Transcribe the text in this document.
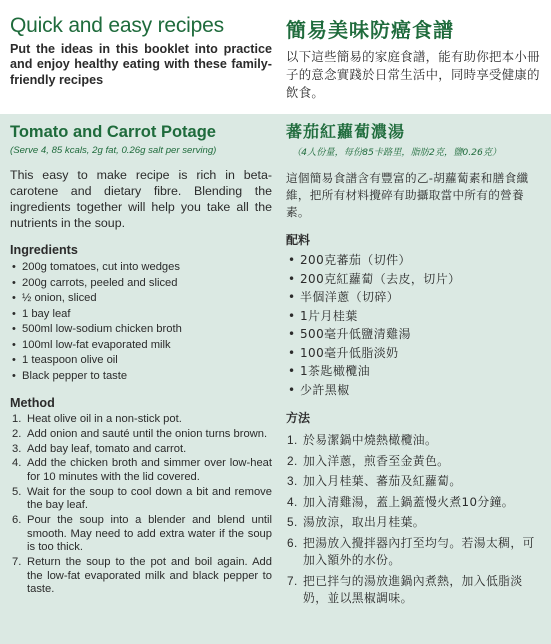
Quick and easy recipes

Put the ideas in this booklet into practice and enjoy healthy eating with these family-friendly recipes

簡易美味防癌食譜

以下這些簡易的家庭食譜，能有助你把本小冊子的意念實踐於日常生活中，同時享受健康的飲食。

Tomato and Carrot Potage

(Serve 4, 85 kcals, 2g fat, 0.26g salt per serving)

This easy to make recipe is rich in beta-carotene and dietary fibre. Blending the ingredients together will help you take all the nutrients in the soup.

Ingredients
• 200g tomatoes, cut into wedges
• 200g carrots, peeled and sliced
• ½ onion, sliced
• 1 bay leaf
• 500ml low-sodium chicken broth
• 100ml low-fat evaporated milk
• 1 teaspoon olive oil
• Black pepper to taste
Method
1. Heat olive oil in a non-stick pot.
2. Add onion and sauté until the onion turns brown.
3. Add bay leaf, tomato and carrot.
4. Add the chicken broth and simmer over low-heat for 10 minutes with the lid covered.
5. Wait for the soup to cool down a bit and remove the bay leaf.
6. Pour the soup into a blender and blend until smooth. May need to add extra water if the soup is too thick.
7. Return the soup to the pot and boil again. Add the low-fat evaporated milk and black pepper to taste.
蕃茄紅蘿蔔濃湯

（4人份量，每份85卡路里，脂肪2克，鹽0.26克）

這個簡易食譜含有豐富的乙-胡蘿蔔素和膳食纖維，把所有材料攪碎有助攝取當中所有的營養素。

配料
• 200克蕃茄（切件）
• 200克紅蘿蔔（去皮，切片）
• 半個洋蔥（切碎）
• 1片月桂葉
• 500毫升低鹽清雞湯
• 100毫升低脂淡奶
• 1茶匙橄欖油
• 少許黑椒
方法
1. 於易潔鍋中燒熱橄欖油。
2. 加入洋蔥，煎香至金黃色。
3. 加入月桂葉、蕃茄及紅蘿蔔。
4. 加入清雞湯，蓋上鍋蓋慢火煮10分鐘。
5. 湯放涼，取出月桂葉。
6. 把湯放入攪拌器內打至均勻。若湯太稠，可加入額外的水份。
7. 把已拌勻的湯放進鍋內煮熱，加入低脂淡奶，並以黑椒調味。
